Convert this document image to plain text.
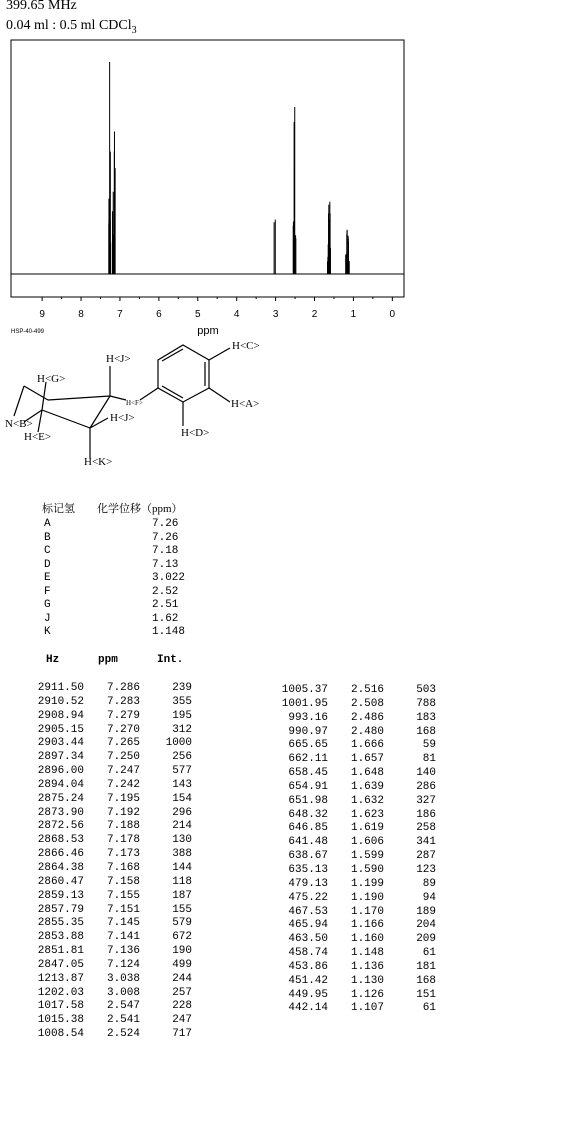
399.65 MHz
0.04 ml : 0.5 ml CDCl$_3$
9	8	7	6	5	4	3	2	1	0
HSP-40-499	ppm
H<J>
H<C>
H<G>
H<F>	H<A>
N<B>	H<J>
H<E>	H<D>
H<K>
标记氢 化学位移（ppm）
A	7.26
B	7.26
C	7.18
D	7.13
E	3.022
F	2.52
G	2.51
J	1.62
K	1.148
Hz	ppm	Int.
2911.50	7.286	239
2910.52	7.283	355
2908.94	7.279	195
2905.15	7.270	312
2903.44	7.265	1000
2897.34	7.250	256
2896.00	7.247	577
2894.04	7.242	143
2875.24	7.195	154
2873.90	7.192	296
2872.56	7.188	214
2868.53	7.178	130
2866.46	7.173	388
2864.38	7.168	144
2860.47	7.158	118
2859.13	7.155	187
2857.79	7.151	155
2855.35	7.145	579
2853.88	7.141	672
2851.81	7.136	190
2847.05	7.124	499
1213.87	3.038	244
1202.03	3.008	257
1017.58	2.547	228
1015.38	2.541	247
1008.54	2.524	717
1005.37	2.516	503
1001.95	2.508	788
993.16	2.486	183
990.97	2.480	168
665.65	1.666	59
662.11	1.657	81
658.45	1.648	140
654.91	1.639	286
651.98	1.632	327
648.32	1.623	186
646.85	1.619	258
641.48	1.606	341
638.67	1.599	287
635.13	1.590	123
479.13	1.199	89
475.22	1.190	94
467.53	1.170	189
465.94	1.166	204
463.50	1.160	209
458.74	1.148	61
453.86	1.136	181
451.42	1.130	168
449.95	1.126	151
442.14	1.107	61
